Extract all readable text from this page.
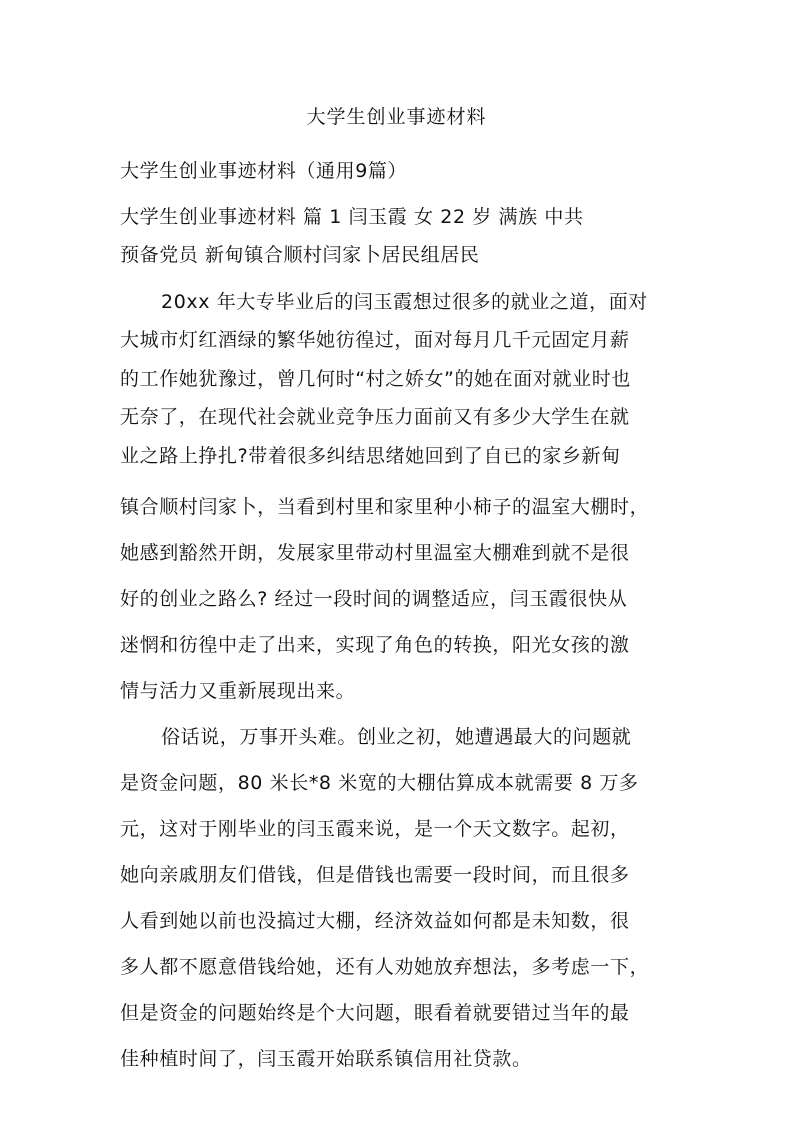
大学生创业事迹材料
大学生创业事迹材料（通用9篇）
大学生创业事迹材料 篇 1 闫玉霞 女 22 岁 满族 中共
预备党员 新甸镇合顺村闫家卜居民组居民
20xx 年大专毕业后的闫玉霞想过很多的就业之道，面对
大城市灯红酒绿的繁华她彷徨过，面对每月几千元固定月薪
的工作她犹豫过，曾几何时“村之娇女”的她在面对就业时也
无奈了，在现代社会就业竞争压力面前又有多少大学生在就
业之路上挣扎?带着很多纠结思绪她回到了自已的家乡新甸
镇合顺村闫家卜，当看到村里和家里种小柿子的温室大棚时，
她感到豁然开朗，发展家里带动村里温室大棚难到就不是很
好的创业之路么? 经过一段时间的调整适应，闫玉霞很快从
迷惘和彷徨中走了出来，实现了角色的转换，阳光女孩的激
情与活力又重新展现出来。
俗话说，万事开头难。创业之初，她遭遇最大的问题就
是资金问题，80 米长*8 米宽的大棚估算成本就需要 8 万多
元，这对于刚毕业的闫玉霞来说，是一个天文数字。起初，
她向亲戚朋友们借钱，但是借钱也需要一段时间，而且很多
人看到她以前也没搞过大棚，经济效益如何都是未知数，很
多人都不愿意借钱给她，还有人劝她放弃想法，多考虑一下，
但是资金的问题始终是个大问题，眼看着就要错过当年的最
佳种植时间了，闫玉霞开始联系镇信用社贷款。
